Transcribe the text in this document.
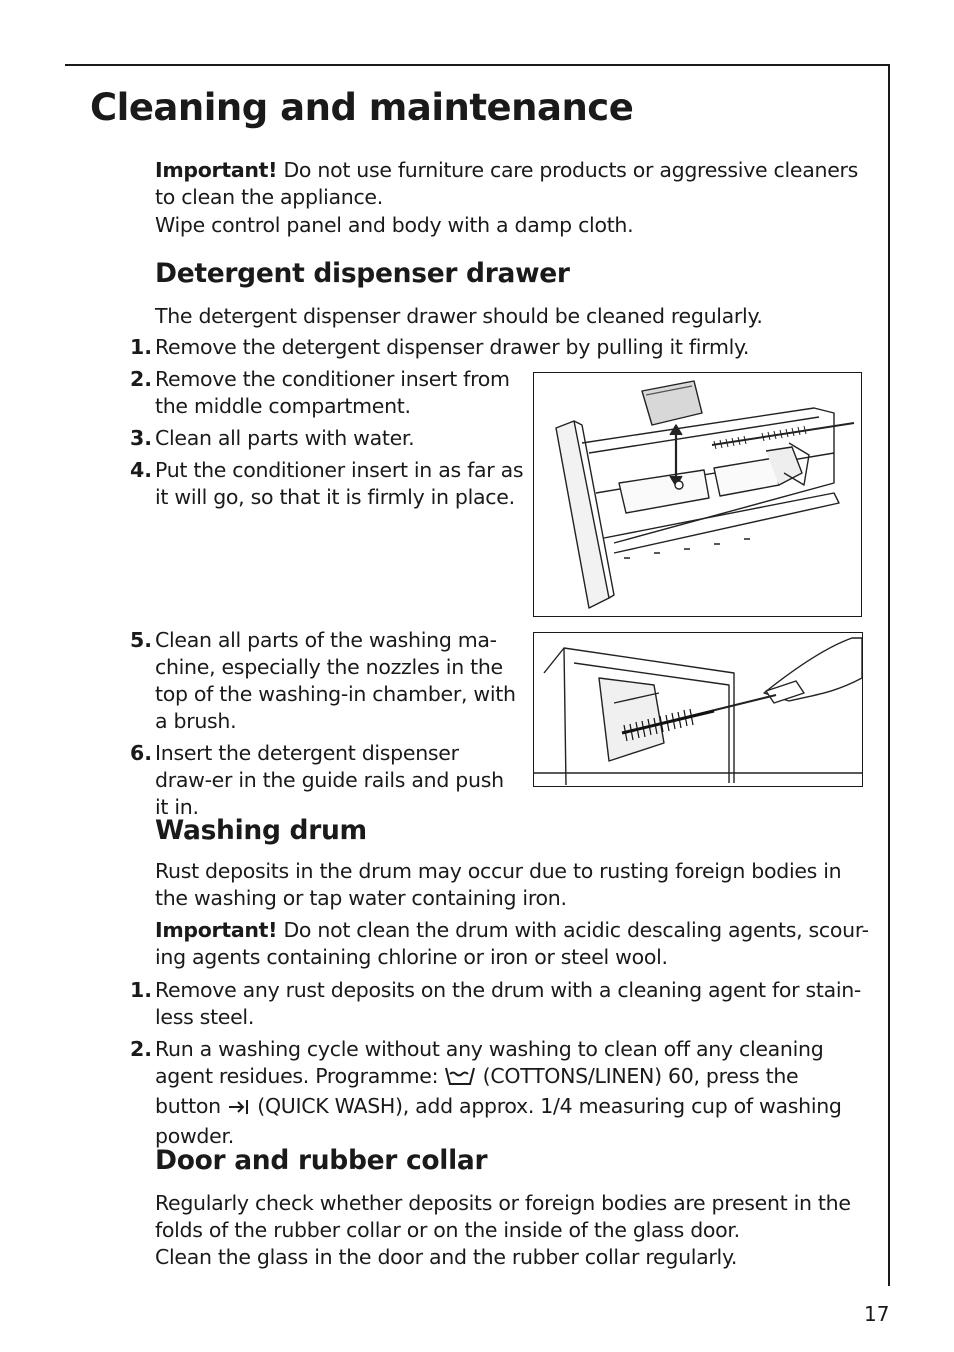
Cleaning and maintenance

Important! Do not use furniture care products or aggressive cleaners to clean the appliance.

Wipe control panel and body with a damp cloth.

Detergent dispenser drawer

The detergent dispenser drawer should be cleaned regularly.

1. Remove the detergent dispenser drawer by pulling it firmly.

2. Remove the conditioner insert from the middle compartment.

3. Clean all parts with water.

4. Put the conditioner insert in as far as it will go, so that it is firmly in place.

5. Clean all parts of the washing ma-chine, especially the nozzles in the top of the washing-in chamber, with a brush.

6. Insert the detergent dispenser draw-er in the guide rails and push it in.

Washing drum

Rust deposits in the drum may occur due to rusting foreign bodies in the washing or tap water containing iron.

Important! Do not clean the drum with acidic descaling agents, scour-ing agents containing chlorine or iron or steel wool.

1. Remove any rust deposits on the drum with a cleaning agent for stain-less steel.

2. Run a washing cycle without any washing to clean off any cleaning agent residues. Programme:  (COTTONS/LINEN) 60, press the button  (QUICK WASH), add approx. 1/4 measuring cup of washing powder.

Door and rubber collar

Regularly check whether deposits or foreign bodies are present in the folds of the rubber collar or on the inside of the glass door.

Clean the glass in the door and the rubber collar regularly.

17
